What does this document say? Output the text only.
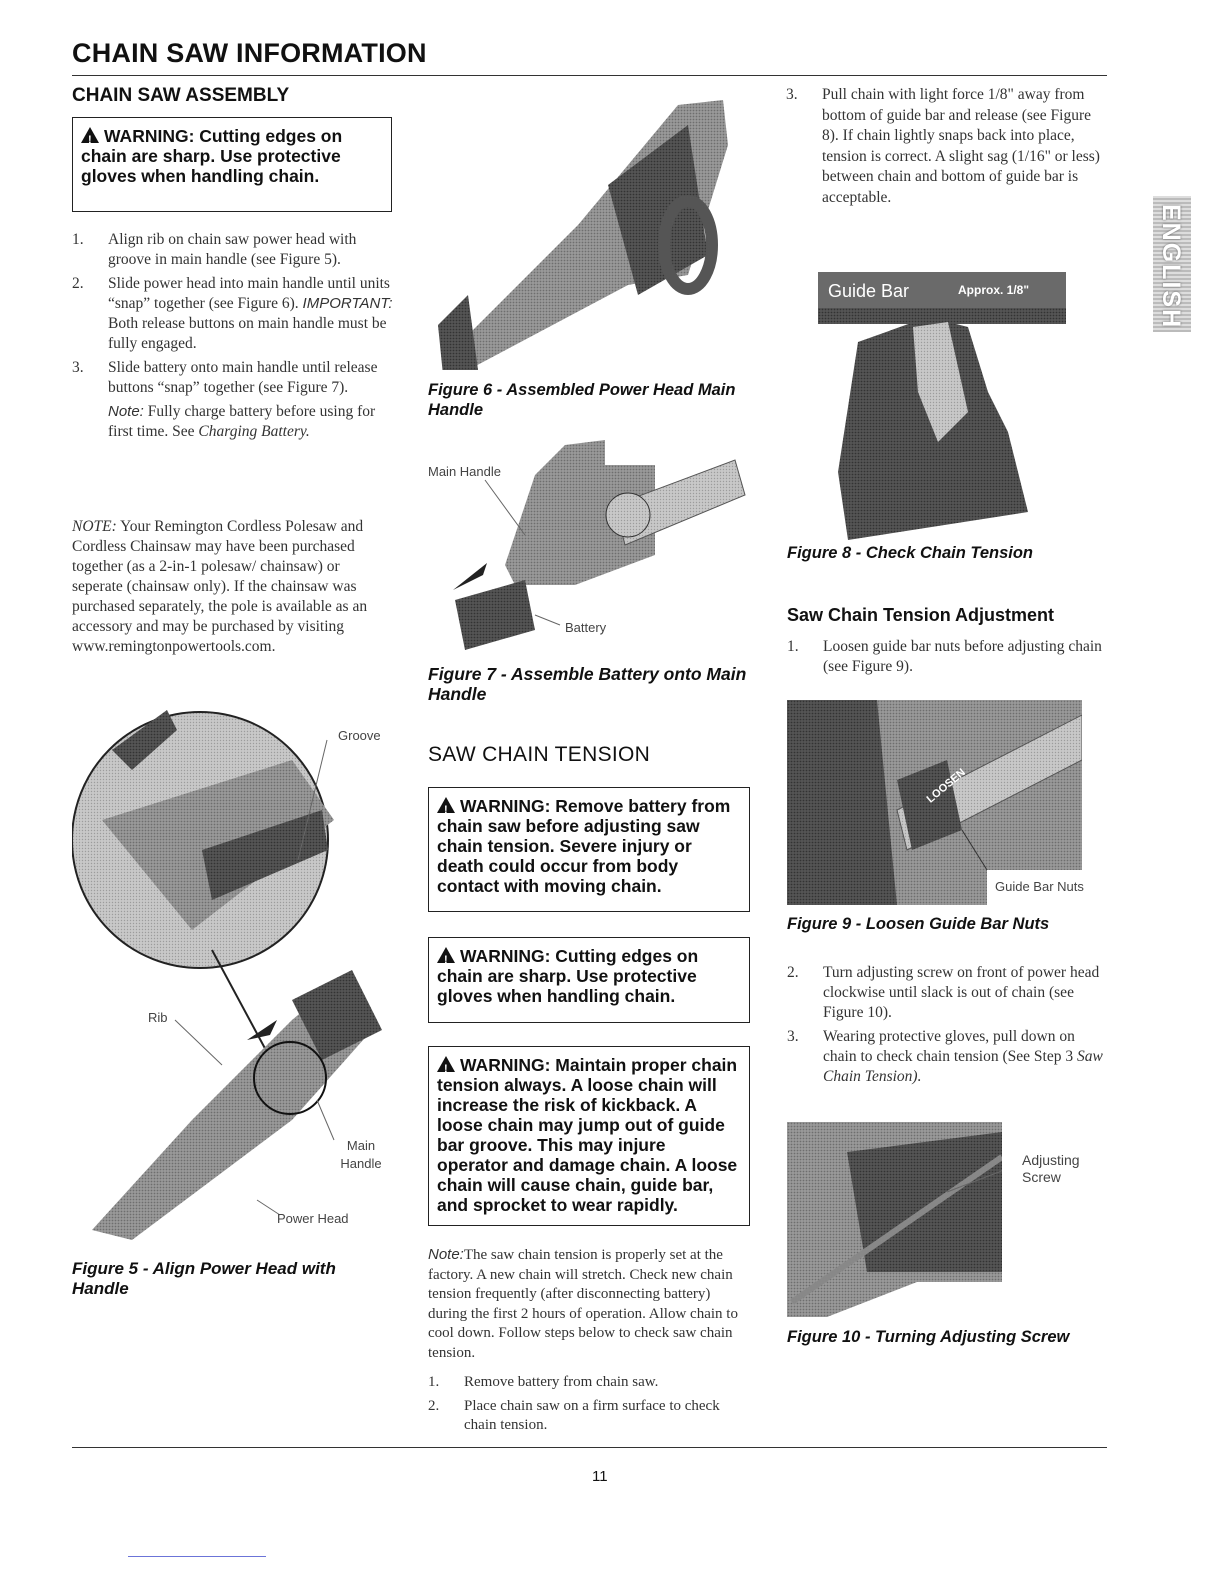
CHAIN SAW INFORMATION
ENGLISH
CHAIN SAW ASSEMBLY
!WARNING: Cutting edges on chain are sharp. Use protective gloves when handling chain.
1. Align rib on chain saw power head with groove in main handle (see Figure 5).
2. Slide power head into main handle until units “snap” together (see Figure 6). IMPORTANT: Both release buttons on main handle must be fully engaged.
3. Slide battery onto main handle until release buttons “snap” together (see Figure 7).
Note: Fully charge battery before using for first time. See Charging Battery.
NOTE: Your Remington Cordless Polesaw and Cordless Chainsaw may have been purchased together (as a 2-in-1 polesaw/ chainsaw) or seperate (chainsaw only). If the chainsaw was purchased separately, the pole is available as an accessory and may be purchased by visiting www.remingtonpowertools.com.
Groove
Rib
Main Handle
Power Head
Figure 5 - Align Power Head with Handle
Figure 6 - Assembled Power Head Main Handle
Main Handle
Battery
Figure 7 - Assemble Battery onto Main Handle
SAW CHAIN TENSION
!WARNING: Remove battery from chain saw before adjusting saw chain tension. Severe injury or death could occur from body contact with moving chain.
!WARNING: Cutting edges on chain are sharp. Use protective gloves when handling chain.
!WARNING: Maintain proper chain tension always. A loose chain will increase the risk of kickback. A loose chain may jump out of guide bar groove. This may injure operator and damage chain. A loose chain will cause chain, guide bar, and sprocket to wear rapidly.
Note:The saw chain tension is properly set at the factory. A new chain will stretch. Check new chain tension frequently (after disconnecting battery) during the first 2 hours of operation. Allow chain to cool down. Follow steps below to check saw chain tension.
1. Remove battery from chain saw.
2. Place chain saw on a firm surface to check chain tension.
3. Pull chain with light force 1/8" away from bottom of guide bar and release (see Figure 8). If chain lightly snaps back into place, tension is correct. A slight sag (1/16" or less) between chain and bottom of guide bar is acceptable.
Guide Bar	Approx. 1/8"
Figure 8 - Check Chain Tension
Saw Chain Tension Adjustment
1. Loosen guide bar nuts before adjusting chain (see Figure 9).
LOOSEN
Guide Bar Nuts
Figure 9 - Loosen Guide Bar Nuts
2. Turn adjusting screw on front of power head clockwise until slack is out of chain (see Figure 10).
3. Wearing protective gloves, pull down on chain to check chain tension (See Step 3 Saw Chain Tension).
Adjusting
Screw
Figure 10 - Turning Adjusting Screw
11
